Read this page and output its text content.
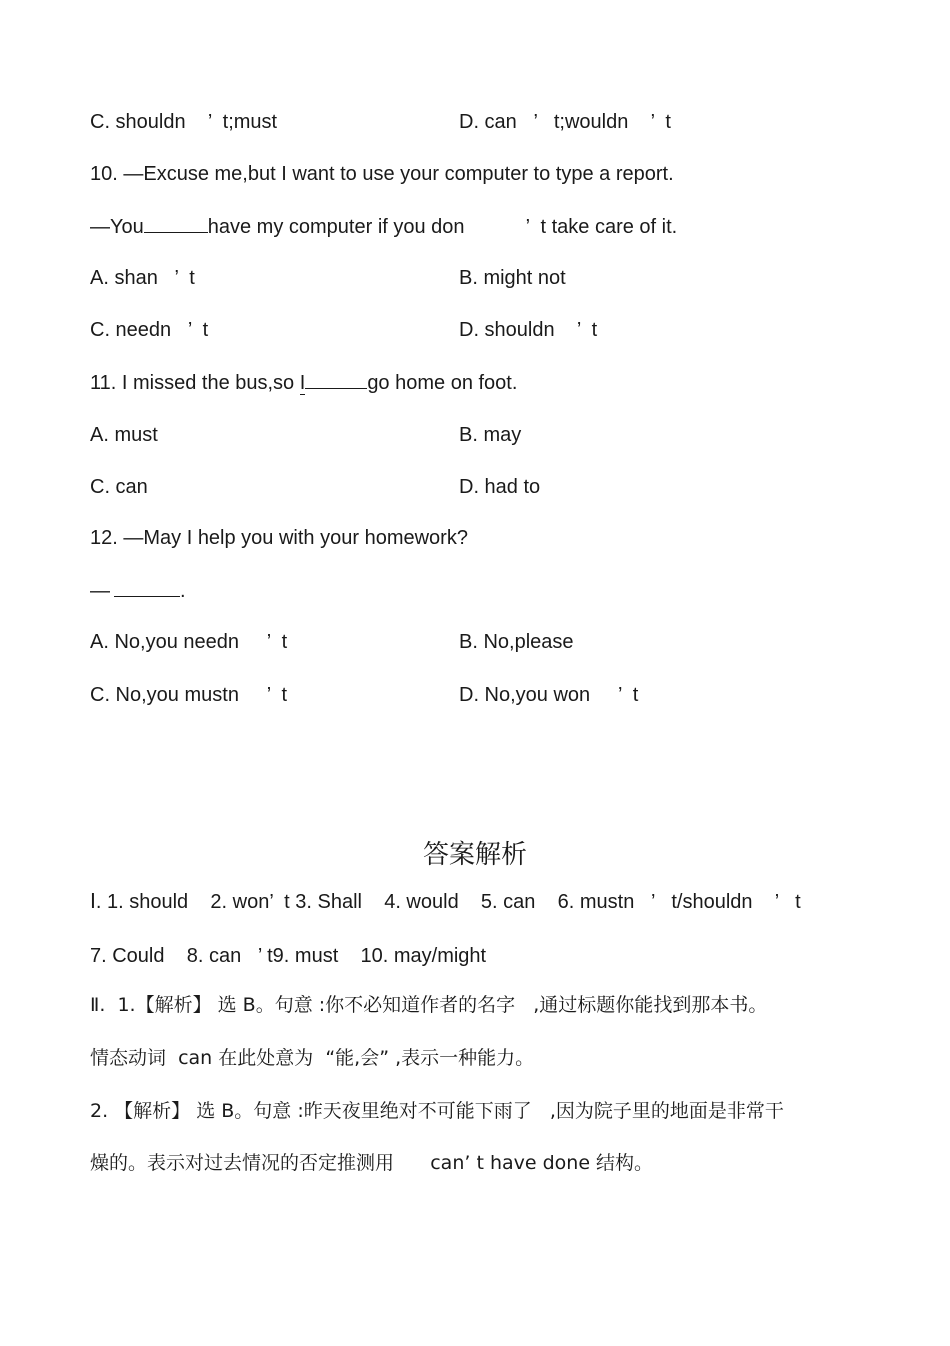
C. shouldn    ’  t;must	D. can   ’   t;wouldn    ’  t
10. —Excuse me,but I want to use your computer to type a report.
—You	have my computer if you don           ’  t take care of it.
A. shan   ’  t	B. might not
C. needn   ’  t	D. shouldn    ’  t
11. I missed the bus,so I	go home on foot.
A. must	B. may
C. can	D. had to
12. —May I help you with your homework?
—	.
A. No,you needn     ’  t	B. No,please
C. No,you mustn     ’  t	D. No,you won     ’  t
答案解析
Ⅰ. 1. should    2. won’  t 3. Shall    4. would    5. can    6. mustn   ’   t/shouldn    ’   t
7. Could    8. can   ’ t9. must    10. may/might
Ⅱ.  1.【解析】 选 B。句意 :你不必知道作者的名字   ,通过标题你能找到那本书。
情态动词  can 在此处意为  “能,会” ,表示一种能力。
2. 【解析】 选 B。句意 :昨天夜里绝对不可能下雨了   ,因为院子里的地面是非常干
燥的。表示对过去情况的否定推测用      can’ t have done 结构。
